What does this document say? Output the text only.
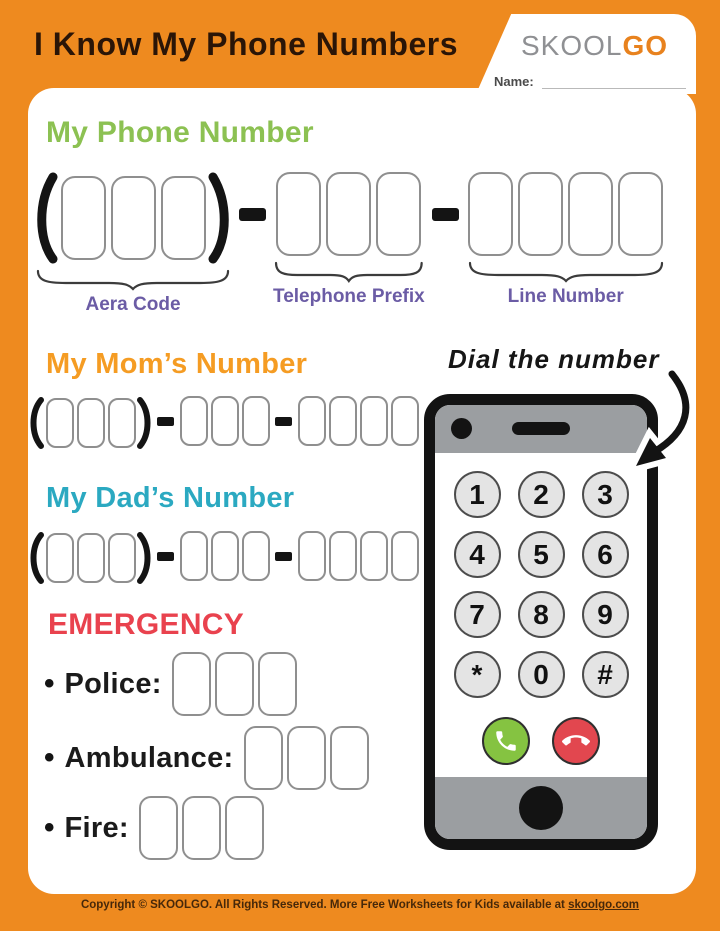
SKOOLGO
I Know My Phone Numbers
Name:
My Phone Number
Aera Code	Telephone Prefix	Line Number
My Mom’s Number
My Dad’s Number
EMERGENCY
• Police:
• Ambulance:
• Fire:
Dial the number
1	2	3
4	5	6
7	8	9
*	0	#
Copyright © SKOOLGO. All Rights Reserved. More Free Worksheets for Kids available at skoolgo.com
